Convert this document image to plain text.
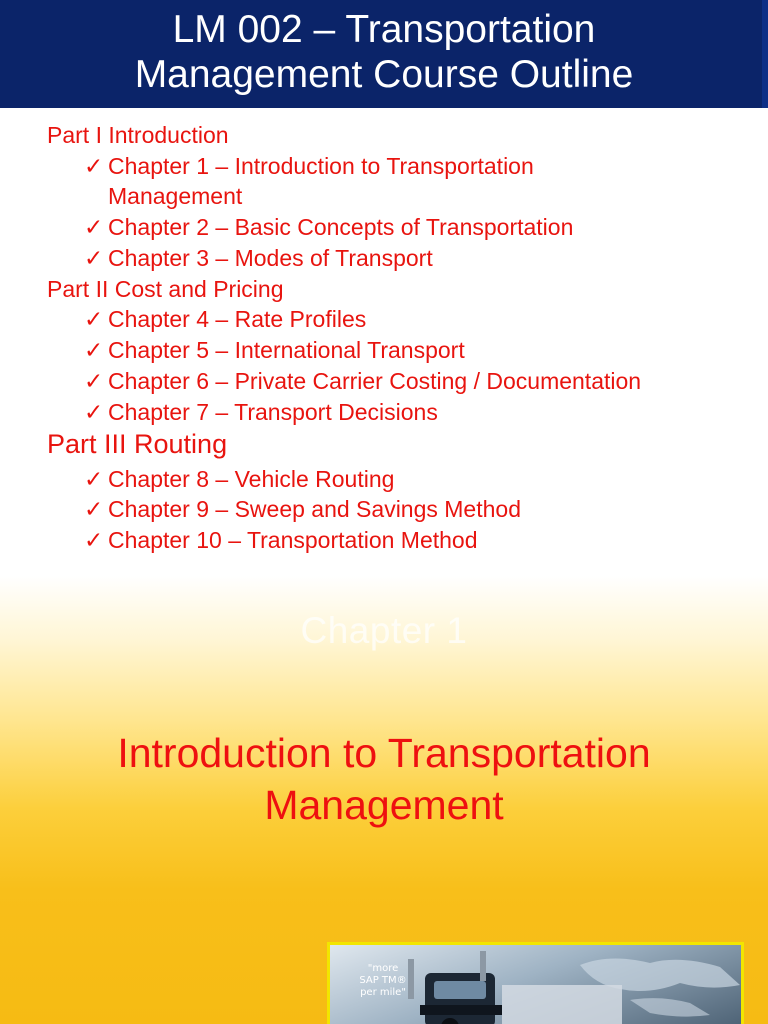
LM 002 – Transportation
Management Course Outline
Part I Introduction
✓ Chapter 1 – Introduction to Transportation
Management
✓ Chapter 2 – Basic Concepts of Transportation
✓ Chapter 3 – Modes of Transport
Part II Cost and Pricing
✓ Chapter 4 – Rate Profiles
✓ Chapter 5 – International Transport
✓ Chapter 6 – Private Carrier Costing / Documentation
✓ Chapter 7 – Transport Decisions
Part III Routing
✓ Chapter 8 – Vehicle Routing
✓ Chapter 9 – Sweep and Savings Method
✓ Chapter 10 – Transportation Method
Chapter 1
Introduction to Transportation
Management
"more
SAP TM®
per mile"
